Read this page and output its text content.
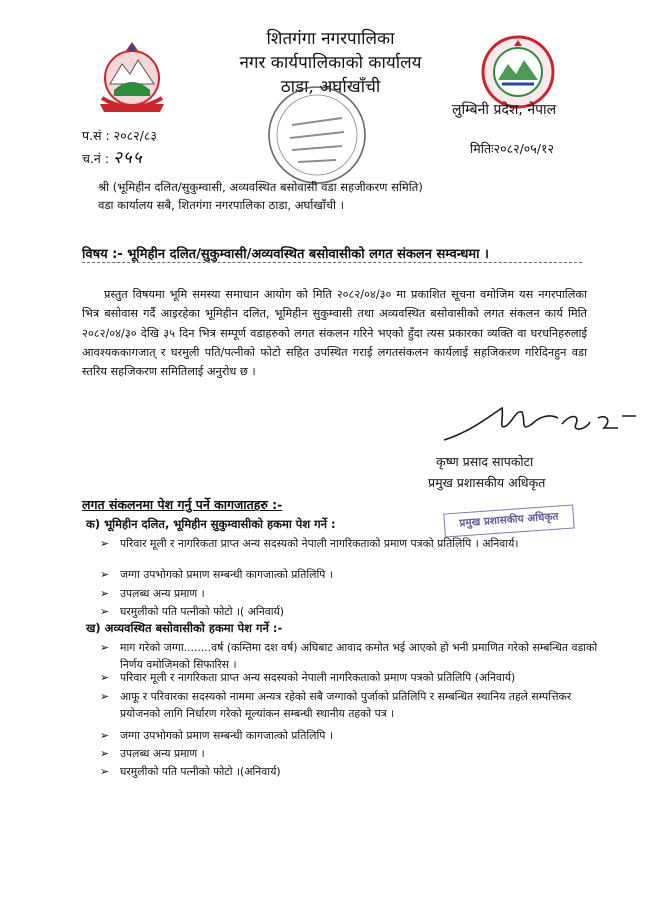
शितगंगा नगरपालिका
नगर कार्यपालिकाको कार्यालय
ठाडा, अर्घाखाँची
लुम्बिनी प्रदेश, नेपाल
प.सं : २०८२/८३
च.नं : २५५	मितिः२०८२/०५/१२
श्री (भूमिहीन दलित/सुकुम्वासी, अव्यवस्थित बसोवासी वडा सहजीकरण समिति)
वडा कार्यालय सबै, शितगंगा नगरपालिका ठाडा, अर्घाखाँची ।
विषय :- भूमिहीन दलित/सुकुम्वासी/अव्यवस्थित बसोवासीको लगत संकलन सम्वन्धमा ।
प्रस्तुत विषयमा भूमि समस्या समाधान आयोग को मिति २०८२/०४/३० मा प्रकाशित सूचना वमोजिम यस नगरपालिका भित्र बसोवास गर्दै आइरहेका भूमिहीन दलित, भूमिहीन सुकुम्वासी तथा अव्यवस्थित बसोवासीको लगत संकलन कार्य मिति २०८२/०४/३० देखि ३५ दिन भित्र सम्पूर्ण वडाहरुको लगत संकलन गरिने भएको हुँदा त्यस प्रकारका व्यक्ति वा घरधनिहरुलाई आवश्यककागजात् र घरमुली पति/पत्नीको फोटो सहित उपस्थित गराई लगतसंकलन कार्यलाई सहजिकरण गरिदिनहुन वडा स्तरिय सहजिकरण समितिलाई अनुरोध छ ।
कृष्ण प्रसाद सापकोटा
प्रमुख प्रशासकीय अधिकृत
लगत संकलनमा पेश गर्नु पर्ने कागजातहरु :-
प्रमुख प्रशासकीय अधिकृत
क) भूमिहीन दलित, भूमिहीन सुकुम्वासीको हकमा पेश गर्ने :
➢ परिवार मूली र नागरिकता प्राप्त अन्य सदस्यको नेपाली नागरिकताको प्रमाण पत्रको प्रतिलिपि । अनिवार्य।
➢ जग्गा उपभोगको प्रमाण सम्बन्धी कागजात्को प्रतिलिपि ।
➢ उपलब्ध अन्य प्रमाण ।
➢ घरमुलीको पति पत्नीको फोटो ।( अनिवार्य)
ख) अव्यवस्थित बसोवासीको हकमा पेश गर्ने :-
➢ माग गरेको जग्गा........वर्ष (कम्तिमा दश वर्ष) अघिबाट आवाद कमोत भई आएको हो भनी प्रमाणित गरेको सम्बन्धित वडाको निर्णय वमोजिमको सिफारिस ।
➢ परिवार मूली र नागरिकता प्राप्त अन्य सदस्यको नेपाली नागरिकताको प्रमाण पत्रको प्रतिलिपि (अनिवार्य)
➢ आफू र परिवारका सदस्यको नाममा अन्यत्र रहेको सबै जग्गाको पुर्जाको प्रतिलिपि र सम्बन्धित स्थानिय तहले सम्पत्तिकर प्रयोजनको लागि निर्धारण गरेको मूल्यांकन सम्बन्धी स्थानीय तहको पत्र ।
➢ जग्गा उपभोगको प्रमाण सम्बन्धी कागजात्को प्रतिलिपि ।
➢ उपलब्ध अन्य प्रमाण ।
➢ घरमुलीको पति पत्नीको फोटो ।(अनिवार्य)
